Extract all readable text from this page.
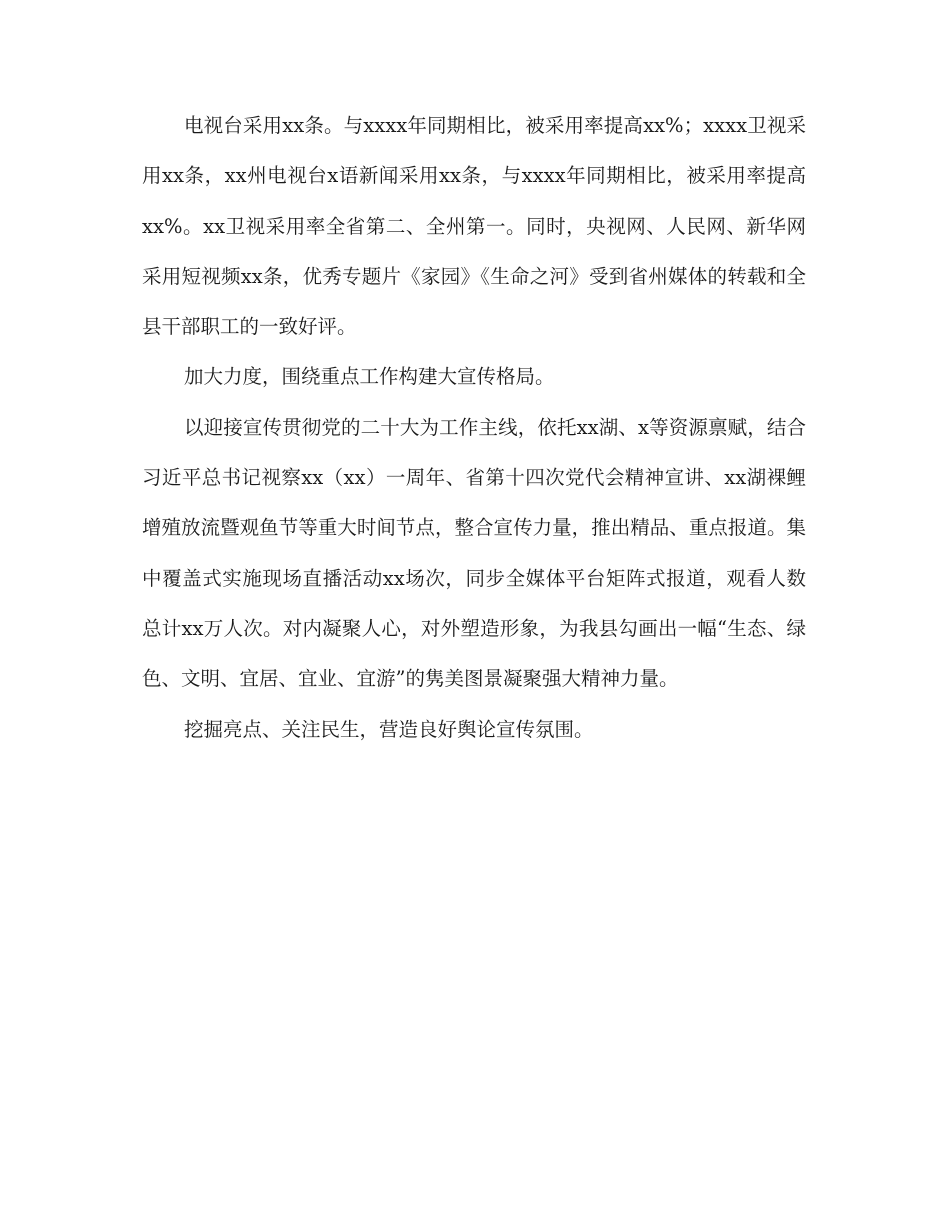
电视台采用xx条。与xxxx年同期相比，被采用率提高xx%；xxxx卫视采用xx条，xx州电视台x语新闻采用xx条，与xxxx年同期相比，被采用率提高xx%。xx卫视采用率全省第二、全州第一。同时，央视网、人民网、新华网采用短视频xx条，优秀专题片《家园》《生命之河》受到省州媒体的转载和全县干部职工的一致好评。

加大力度，围绕重点工作构建大宣传格局。

以迎接宣传贯彻党的二十大为工作主线，依托xx湖、x等资源禀赋，结合习近平总书记视察xx（xx）一周年、省第十四次党代会精神宣讲、xx湖裸鲤增殖放流暨观鱼节等重大时间节点，整合宣传力量，推出精品、重点报道。集中覆盖式实施现场直播活动xx场次，同步全媒体平台矩阵式报道，观看人数总计xx万人次。对内凝聚人心，对外塑造形象，为我县勾画出一幅“生态、绿色、文明、宜居、宜业、宜游”的隽美图景凝聚强大精神力量。

挖掘亮点、关注民生，营造良好舆论宣传氛围。
